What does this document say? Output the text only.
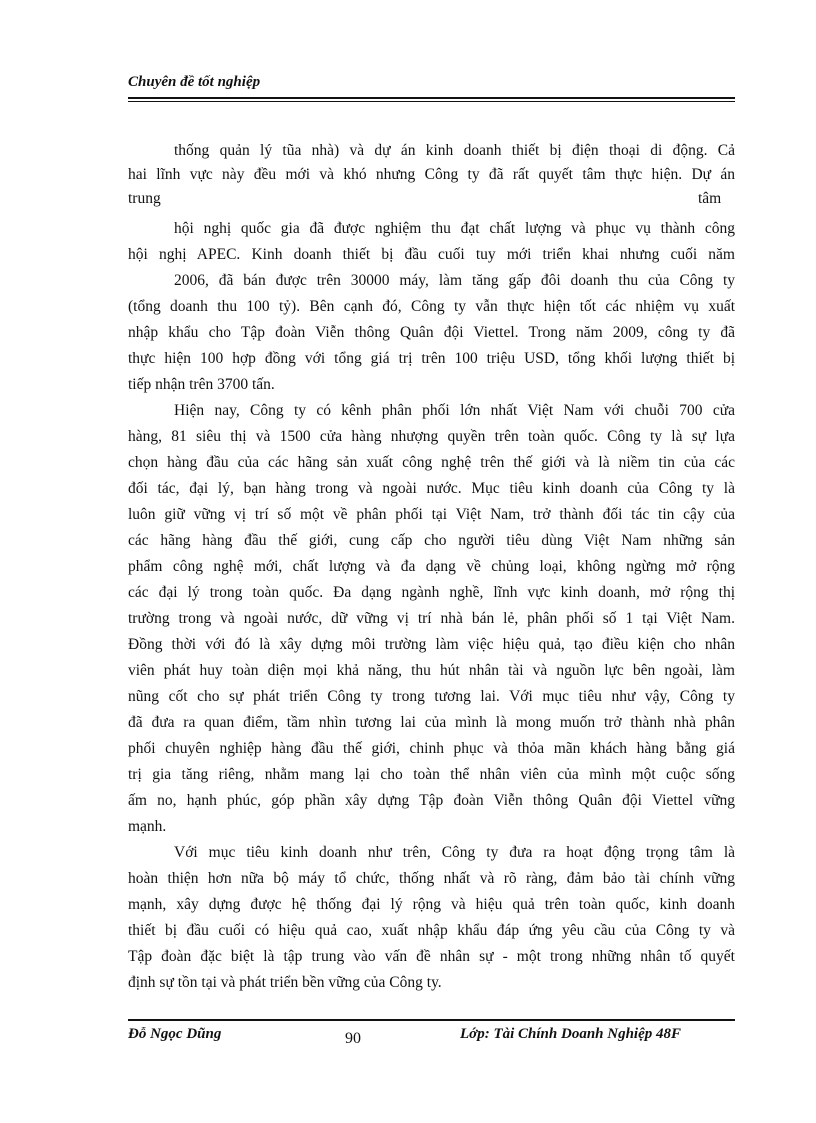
Chuyên đề tốt nghiệp
thống quản lý tũa nhà) và dự án kinh doanh thiết bị điện thoại di động. Cả
hai lĩnh vực này đều mới và khó nhưng Công ty đã rất quyết tâm thực hiện. Dự án
trung	tâm
hội nghị quốc gia đã được nghiệm thu đạt chất lượng và phục vụ thành công
hội nghị APEC. Kinh doanh thiết bị đầu cuối tuy mới triển khai nhưng cuối năm
2006, đã bán được trên 30000 máy, làm tăng gấp đôi doanh thu của Công ty
(tổng doanh thu 100 tỷ). Bên cạnh đó, Công ty vẫn thực hiện tốt các nhiệm vụ xuất
nhập khẩu cho Tập đoàn Viễn thông Quân đội Viettel. Trong năm 2009, công ty đã
thực hiện 100 hợp đồng với tổng giá trị trên 100 triệu USD, tổng khối lượng thiết bị
tiếp nhận trên 3700 tấn.
Hiện nay, Công ty có kênh phân phối lớn nhất Việt Nam với chuỗi 700 cửa
hàng, 81 siêu thị và 1500 cửa hàng nhượng quyền trên toàn quốc. Công ty là sự lựa
chọn hàng đầu của các hãng sản xuất công nghệ trên thế giới và là niềm tin của các
đối tác, đại lý, bạn hàng trong và ngoài nước. Mục tiêu kinh doanh của Công ty là
luôn giữ vững vị trí số một về phân phối tại Việt Nam, trở thành đối tác tin cậy của
các hãng hàng đầu thế giới, cung cấp cho người tiêu dùng Việt Nam những sản
phẩm công nghệ mới, chất lượng và đa dạng về chủng loại, không ngừng mở rộng
các đại lý trong toàn quốc. Đa dạng ngành nghề, lĩnh vực kinh doanh, mở rộng thị
trường trong và ngoài nước, dữ vững vị trí nhà bán lẻ, phân phối số 1 tại Việt Nam.
Đồng thời với đó là xây dựng môi trường làm việc hiệu quả, tạo điều kiện cho nhân
viên phát huy toàn diện mọi khả năng, thu hút nhân tài và nguồn lực bên ngoài, làm
nũng cốt cho sự phát triển Công ty trong tương lai. Với mục tiêu như vậy, Công ty
đã đưa ra quan điểm, tầm nhìn tương lai của mình là mong muốn trở thành nhà phân
phối chuyên nghiệp hàng đầu thế giới, chinh phục và thỏa mãn khách hàng bằng giá
trị gia tăng riêng, nhằm mang lại cho toàn thể nhân viên của mình một cuộc sống
ấm no, hạnh phúc, góp phần xây dựng Tập đoàn Viễn thông Quân đội Viettel vững
mạnh.
Với mục tiêu kinh doanh như trên, Công ty đưa ra hoạt động trọng tâm là
hoàn thiện hơn nữa bộ máy tổ chức, thống nhất và rõ ràng, đảm bảo tài chính vững
mạnh, xây dựng được hệ thống đại lý rộng và hiệu quả trên toàn quốc, kinh doanh
thiết bị đầu cuối có hiệu quả cao, xuất nhập khẩu đáp ứng yêu cầu của Công ty và
Tập đoàn đặc biệt là tập trung vào vấn đề nhân sự - một trong những nhân tố quyết
định sự tồn tại và phát triển bền vững của Công ty.
Đỗ Ngọc Dũng	90	Lớp: Tài Chính Doanh Nghiệp 48F
